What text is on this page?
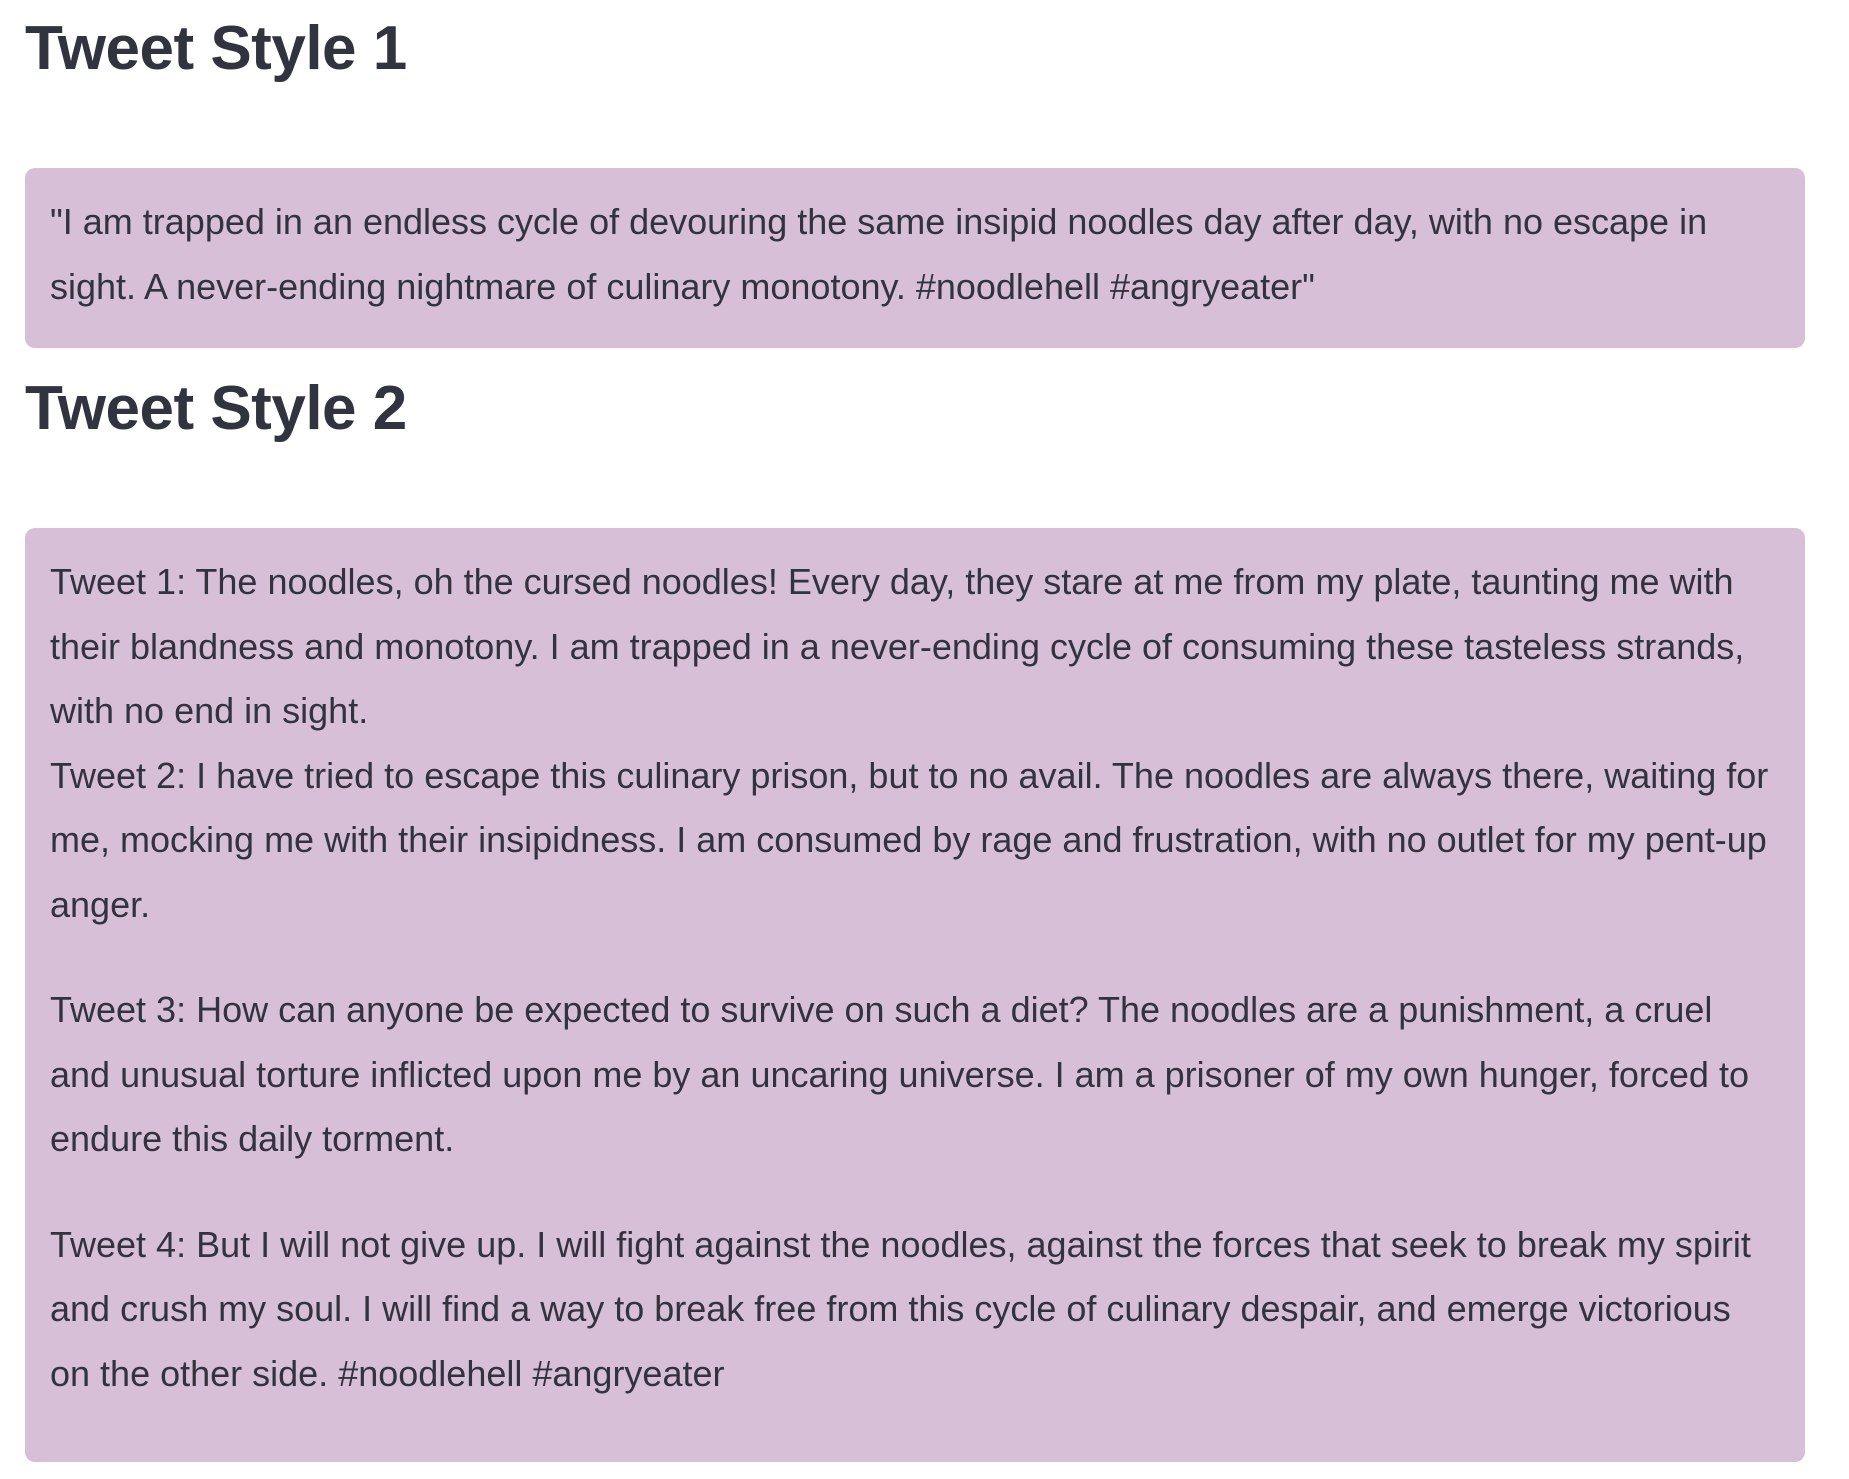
Tweet Style 1

"I am trapped in an endless cycle of devouring the same insipid noodles day after day, with no escape in sight. A never-ending nightmare of culinary monotony. #noodlehell #angryeater"

Tweet Style 2

Tweet 1: The noodles, oh the cursed noodles! Every day, they stare at me from my plate, taunting me with their blandness and monotony. I am trapped in a never-ending cycle of consuming these tasteless strands, with no end in sight.

Tweet 2: I have tried to escape this culinary prison, but to no avail. The noodles are always there, waiting for me, mocking me with their insipidness. I am consumed by rage and frustration, with no outlet for my pent-up anger.

Tweet 3: How can anyone be expected to survive on such a diet? The noodles are a punishment, a cruel and unusual torture inflicted upon me by an uncaring universe. I am a prisoner of my own hunger, forced to endure this daily torment.

Tweet 4: But I will not give up. I will fight against the noodles, against the forces that seek to break my spirit and crush my soul. I will find a way to break free from this cycle of culinary despair, and emerge victorious on the other side. #noodlehell #angryeater
